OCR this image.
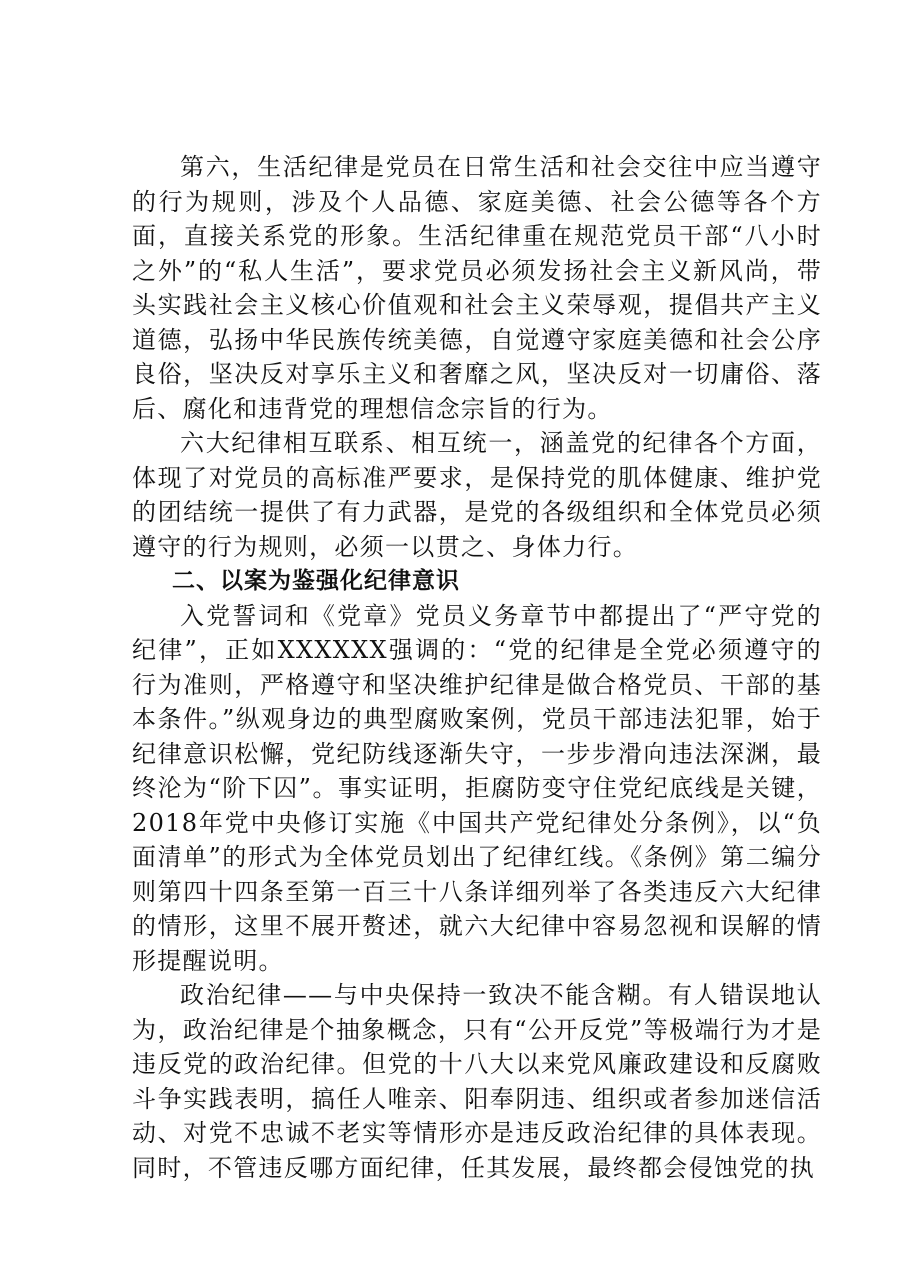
第六，生活纪律是党员在日常生活和社会交往中应当遵守的行为规则，涉及个人品德、家庭美德、社会公德等各个方面，直接关系党的形象。生活纪律重在规范党员干部“八小时之外”的“私人生活”，要求党员必须发扬社会主义新风尚，带头实践社会主义核心价值观和社会主义荣辱观，提倡共产主义道德，弘扬中华民族传统美德，自觉遵守家庭美德和社会公序良俗，坚决反对享乐主义和奢靡之风，坚决反对一切庸俗、落后、腐化和违背党的理想信念宗旨的行为。

六大纪律相互联系、相互统一，涵盖党的纪律各个方面，体现了对党员的高标准严要求，是保持党的肌体健康、维护党的团结统一提供了有力武器，是党的各级组织和全体党员必须遵守的行为规则，必须一以贯之、身体力行。

二、以案为鉴强化纪律意识

入党誓词和《党章》党员义务章节中都提出了“严守党的纪律”，正如XXXXXX强调的：“党的纪律是全党必须遵守的行为准则，严格遵守和坚决维护纪律是做合格党员、干部的基本条件。”纵观身边的典型腐败案例，党员干部违法犯罪，始于纪律意识松懈，党纪防线逐渐失守，一步步滑向违法深渊，最终沦为“阶下囚”。事实证明，拒腐防变守住党纪底线是关键，2018年党中央修订实施《中国共产党纪律处分条例》，以“负面清单”的形式为全体党员划出了纪律红线。《条例》第二编分则第四十四条至第一百三十八条详细列举了各类违反六大纪律的情形，这里不展开赘述，就六大纪律中容易忽视和误解的情形提醒说明。

政治纪律——与中央保持一致决不能含糊。有人错误地认为，政治纪律是个抽象概念，只有“公开反党”等极端行为才是违反党的政治纪律。但党的十八大以来党风廉政建设和反腐败斗争实践表明，搞任人唯亲、阳奉阴违、组织或者参加迷信活动、对党不忠诚不老实等情形亦是违反政治纪律的具体表现。同时，不管违反哪方面纪律，任其发展，最终都会侵蚀党的执
